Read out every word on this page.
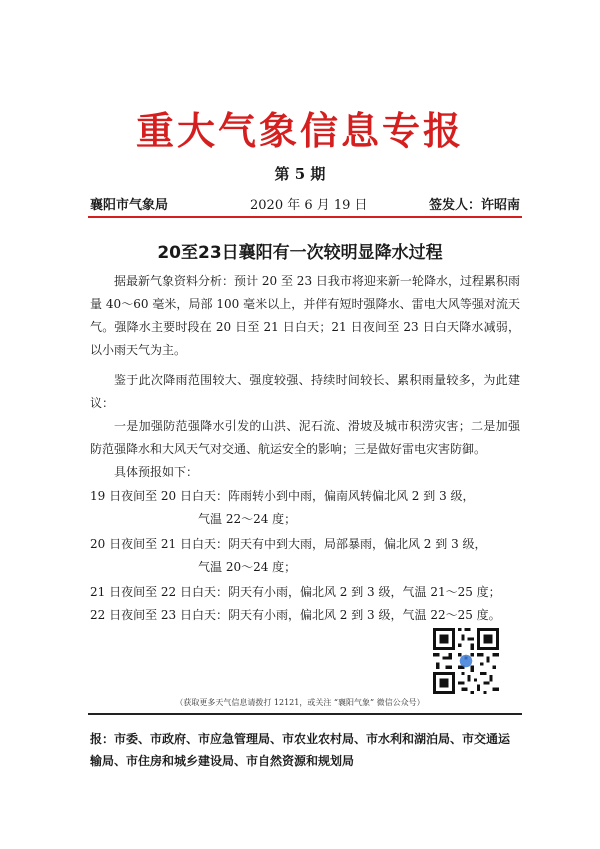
重大气象信息专报
第 5 期
襄阳市气象局	2020 年 6 月 19 日	签发人：许昭南
20至23日襄阳有一次较明显降水过程
据最新气象资料分析：预计 20 至 23 日我市将迎来新一轮降水，过程累积雨量 40～60 毫米，局部 100 毫米以上，并伴有短时强降水、雷电大风等强对流天气。强降水主要时段在 20 日至 21 日白天；21 日夜间至 23 日白天降水减弱，以小雨天气为主。
鉴于此次降雨范围较大、强度较强、持续时间较长、累积雨量较多，为此建议：
一是加强防范强降水引发的山洪、泥石流、滑坡及城市积涝灾害；二是加强防范强降水和大风天气对交通、航运安全的影响；三是做好雷电灾害防御。
具体预报如下：
19 日夜间至 20 日白天：阵雨转小到中雨，偏南风转偏北风 2 到 3 级，
气温 22～24 度；
20 日夜间至 21 日白天：阴天有中到大雨，局部暴雨，偏北风 2 到 3 级，
气温 20～24 度；
21 日夜间至 22 日白天：阴天有小雨，偏北风 2 到 3 级，气温 21～25 度；
22 日夜间至 23 日白天：阴天有小雨，偏北风 2 到 3 级，气温 22～25 度。
（获取更多天气信息请拨打 12121，或关注 “襄阳气象” 微信公众号）
报：市委、市政府、市应急管理局、市农业农村局、市水利和湖泊局、市交通运输局、市住房和城乡建设局、市自然资源和规划局
